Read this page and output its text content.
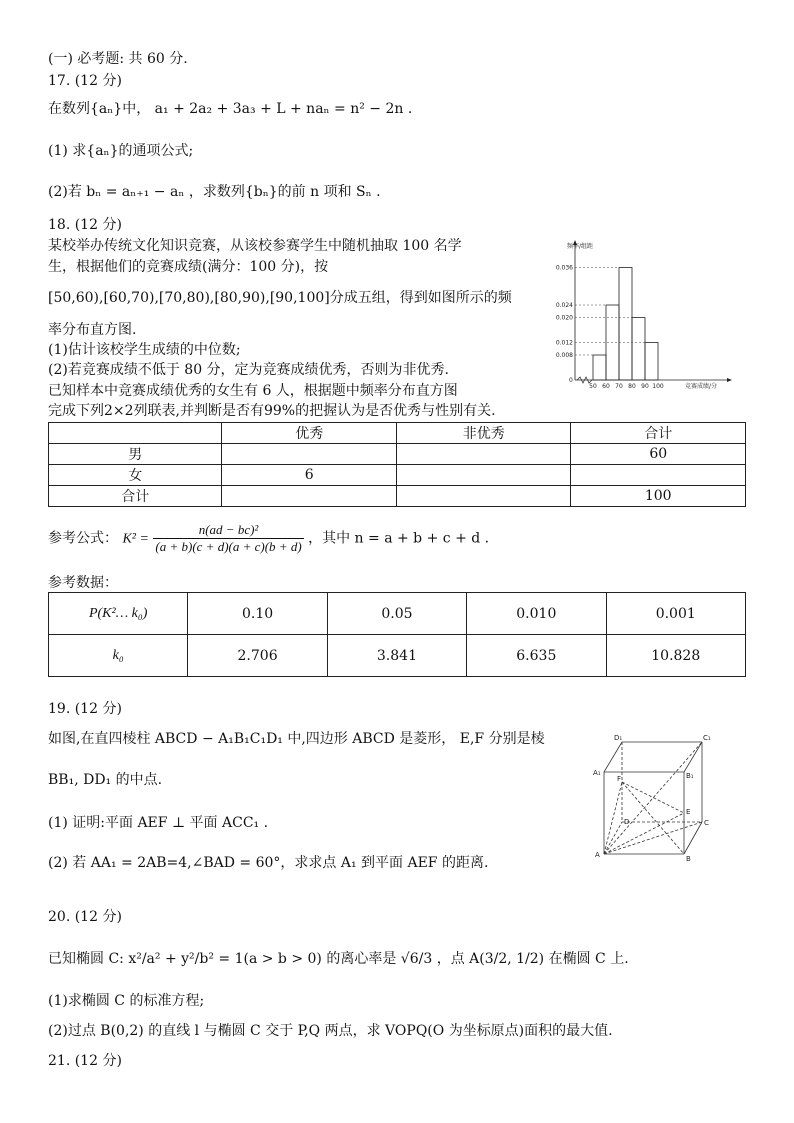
(一) 必考题: 共 60 分.
17. (12 分)
在数列{aₙ}中， a₁ + 2a₂ + 3a₃ + L + naₙ = n² − 2n .
(1) 求{aₙ}的通项公式;
(2)若 bₙ = aₙ₊₁ − aₙ ，求数列{bₙ}的前 n 项和 Sₙ .
18. (12 分)
某校举办传统文化知识竞赛，从该校参赛学生中随机抽取 100 名学
生，根据他们的竞赛成绩(满分：100 分)，按
[50,60),[60,70),[70,80),[80,90),[90,100]分成五组，得到如图所示的频
率分布直方图.
(1)估计该校学生成绩的中位数;
(2)若竞赛成绩不低于 80 分，定为竞赛成绩优秀，否则为非优秀.
已知样本中竞赛成绩优秀的女生有 6 人，根据题中频率分布直方图
完成下列2×2列联表,并判断是否有99%的把握认为是否优秀与性别有关.
0.036
0.024
0.020
0.012
0.008
0
50 60 70 80 90 100	竞赛成绩/分
频率/组距
	优秀	非优秀	合计
男			60
女	6		
合计			100
参考公式： $K^2 = \frac{\text{n(ad − bc)²}}{(a + b)(c + d)(a + c)(b + d)}$ ，其中 n = a + b + c + d .
参考数据：
P(K²… k₀)	0.10	0.05	0.010	0.001
k₀	2.706	3.841	6.635	10.828
19. (12 分)
如图,在直四棱柱 ABCD − A₁B₁C₁D₁ 中,四边形 ABCD 是菱形， E,F 分别是棱
BB₁, DD₁ 的中点.
(1) 证明:平面 AEF ⊥ 平面 ACC₁ .
(2) 若 AA₁ = 2AB=4,∠BAD = 60°，求求点 A₁ 到平面 AEF 的距离.
D₁	C₁
A₁	B₁
F
E
D	C
A	B
20. (12 分)
已知椭圆 C: x²/a² + y²/b² = 1(a > b > 0) 的离心率是 √6/3 ，点 A(3/2, 1/2) 在椭圆 C 上.
(1)求椭圆 C 的标准方程;
(2)过点 B(0,2) 的直线 l 与椭圆 C 交于 P,Q 两点，求 VOPQ(O 为坐标原点)面积的最大值.
21. (12 分)
